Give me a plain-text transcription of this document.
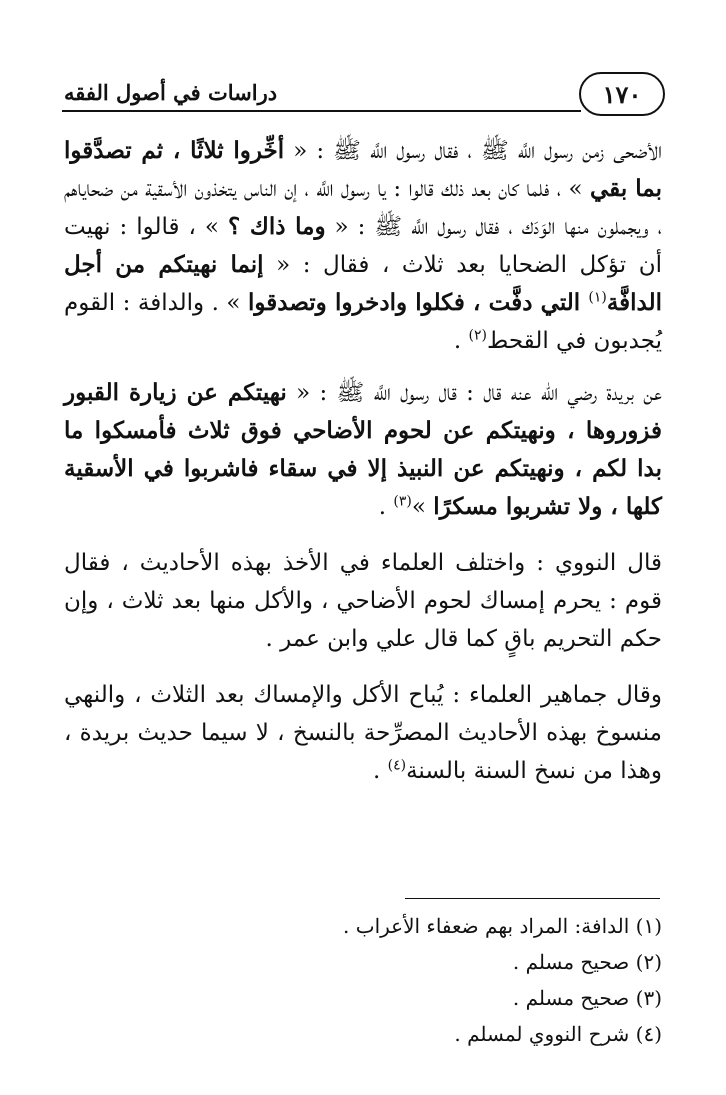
١٧٠
دراسات في أصول الفقه

الأضحى زمن رسول اللَّه ﷺ ، فقال رسول اللَّه ﷺ : « أخِّروا ثلاثًا ، ثم تصدَّقوا بما بقي » ، فلما كان بعد ذلك قالوا : يا رسول اللَّه ، إن الناس يتخذون الأسقية من ضحاياهم ، ويجملون منها الوَدَك ، فقال رسول اللَّه ﷺ : « وما ذاك ؟ » ، قالوا : نهيت أن تؤكل الضحايا بعد ثلاث ، فقال : « إنما نهيتكم من أجل الدافَّة$^{(١)}$ التي دفَّت ، فكلوا وادخروا وتصدقوا » . والدافة : القوم يُجدبون في القحط$^{(٢)}$ .

عن بريدة رضي الله عنه قال : قال رسول اللَّه ﷺ : « نهيتكم عن زيارة القبور فزوروها ، ونهيتكم عن لحوم الأضاحي فوق ثلاث فأمسكوا ما بدا لكم ، ونهيتكم عن النبيذ إلا في سقاء فاشربوا في الأسقية كلها ، ولا تشربوا مسكرًا »$^{(٣)}$ .

قال النووي : واختلف العلماء في الأخذ بهذه الأحاديث ، فقال قوم : يحرم إمساك لحوم الأضاحي ، والأكل منها بعد ثلاث ، وإن حكم التحريم باقٍ كما قال علي وابن عمر .

وقال جماهير العلماء : يُباح الأكل والإمساك بعد الثلاث ، والنهي منسوخ بهذه الأحاديث المصرِّحة بالنسخ ، لا سيما حديث بريدة ، وهذا من نسخ السنة بالسنة$^{(٤)}$ .

(١) الدافة: المراد بهم ضعفاء الأعراب .

(٢) صحيح مسلم .

(٣) صحيح مسلم .

(٤) شرح النووي لمسلم .
